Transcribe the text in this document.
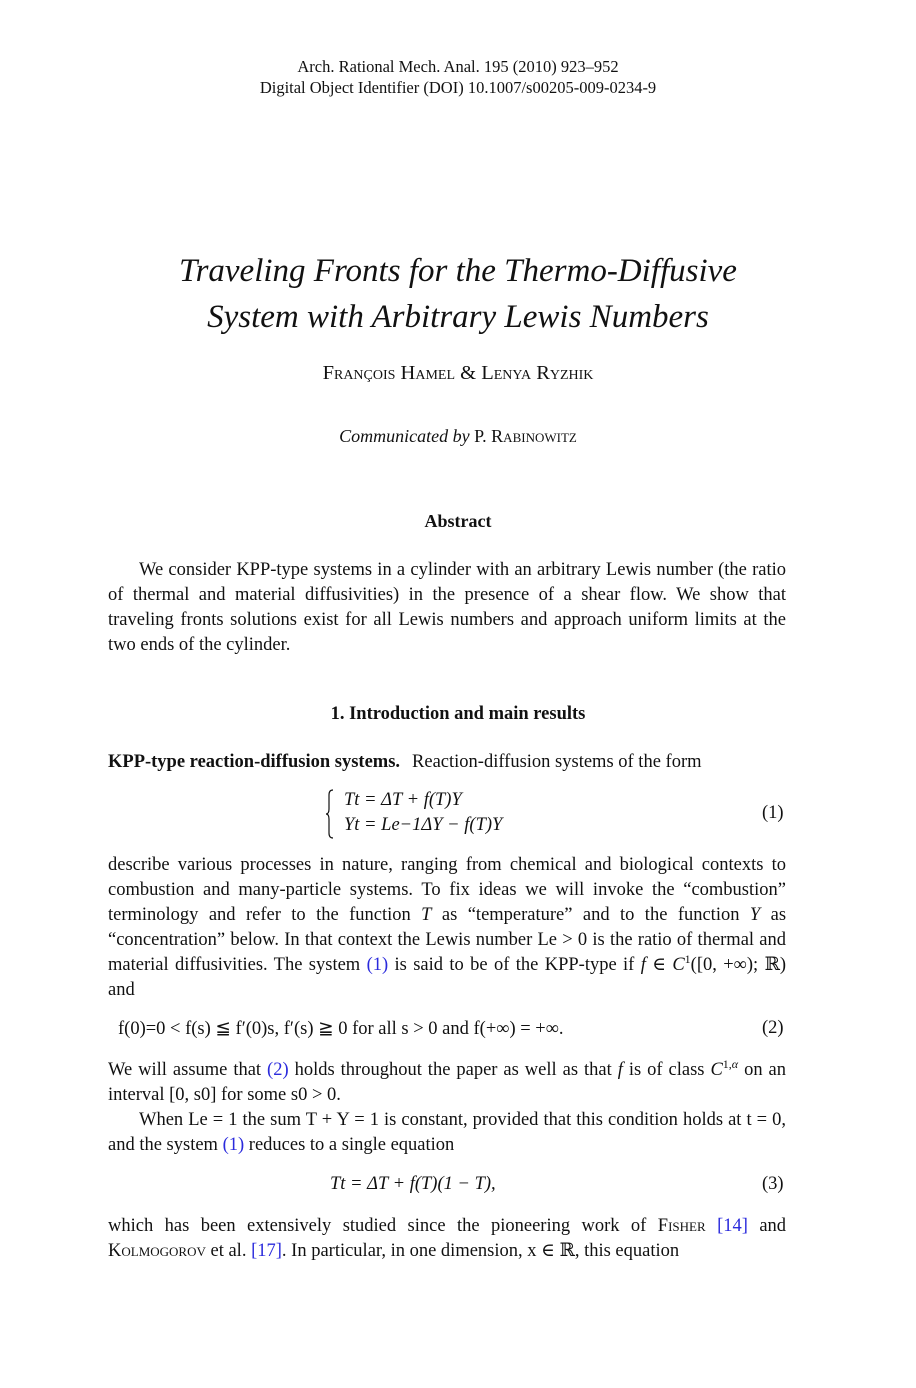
Arch. Rational Mech. Anal. 195 (2010) 923–952
Digital Object Identifier (DOI) 10.1007/s00205-009-0234-9
Traveling Fronts for the Thermo-Diffusive
System with Arbitrary Lewis Numbers
François Hamel & Lenya Ryzhik
Communicated by P. Rabinowitz
Abstract
We consider KPP-type systems in a cylinder with an arbitrary Lewis number (the ratio of thermal and material diffusivities) in the presence of a shear flow. We show that traveling fronts solutions exist for all Lewis numbers and approach uniform limits at the two ends of the cylinder.
1. Introduction and main results
KPP-type reaction-diffusion systems. Reaction-diffusion systems of the form
Tt = ΔT + f(T)Y
Yt = Le−1ΔY − f(T)Y
(1)
describe various processes in nature, ranging from chemical and biological contexts to combustion and many-particle systems. To fix ideas we will invoke the “combustion” terminology and refer to the function T as “temperature” and to the function Y as “concentration” below. In that context the Lewis number Le > 0 is the ratio of thermal and material diffusivities. The system (1) is said to be of the KPP-type if f ∈ $C^1([0$, +∞); ℝ) and
f(0)=0 < f(s) ≦ f′(0)s, f′(s) ≧ 0 for all s > 0 and f(+∞) = +∞.	(2)
We will assume that (2) holds throughout the paper as well as that f is of class $C^{1,\alpha}$ on an interval [0, s0] for some s0 > 0.
When Le = 1 the sum T + Y = 1 is constant, provided that this condition holds at t = 0, and the system (1) reduces to a single equation
Tt = ΔT + f(T)(1 − T),	(3)
which has been extensively studied since the pioneering work of Fisher [14] and Kolmogorov et al. [17]. In particular, in one dimension, x ∈ ℝ, this equation
